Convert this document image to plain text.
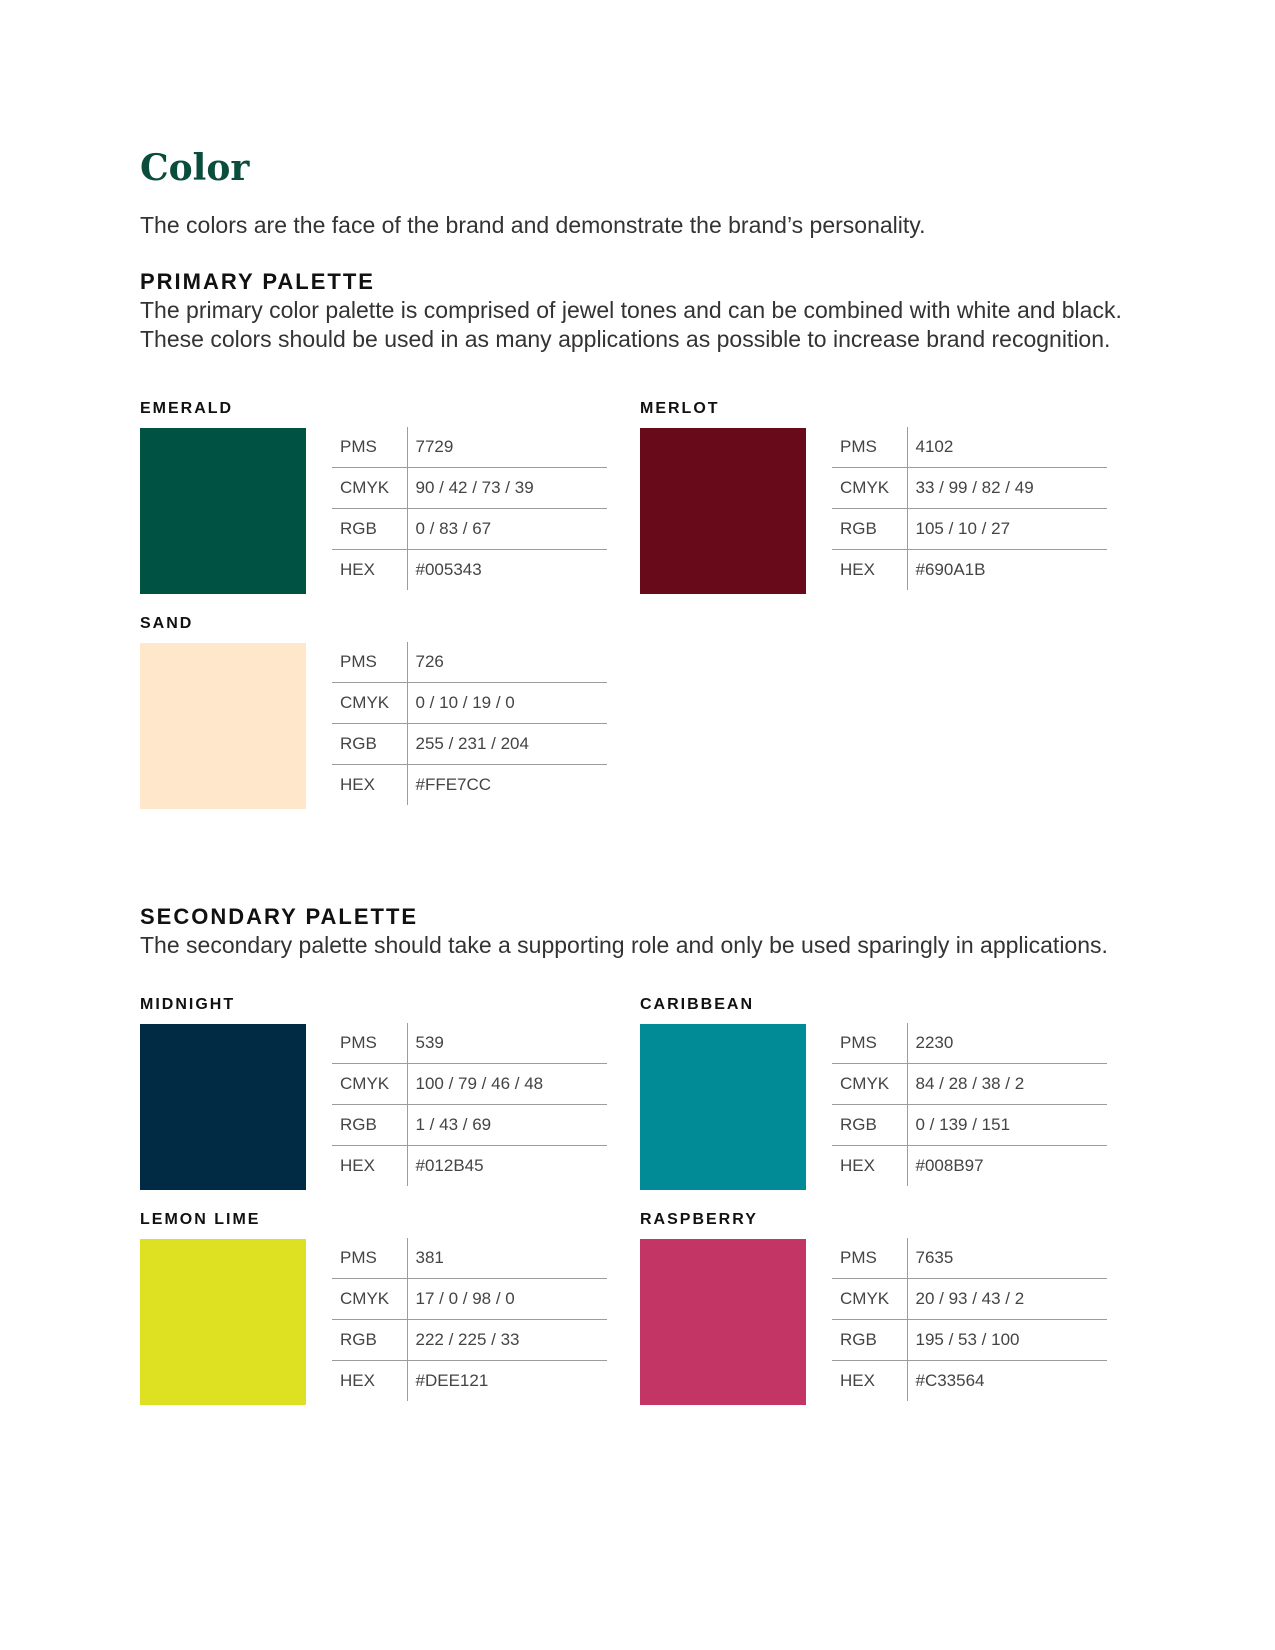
Color

The colors are the face of the brand and demonstrate the brand’s personality.

PRIMARY PALETTE

The primary color palette is comprised of jewel tones and can be combined with white and black.
These colors should be used in as many applications as possible to increase brand recognition.

EMERALD
PMS	7729
CMYK	90 / 42 / 73 / 39
RGB	0 / 83 / 67
HEX	#005343
MERLOT
PMS	4102
CMYK	33 / 99 / 82 / 49
RGB	105 / 10 / 27
HEX	#690A1B
SAND
PMS	726
CMYK	0 / 10 / 19 / 0
RGB	255 / 231 / 204
HEX	#FFE7CC
SECONDARY PALETTE

The secondary palette should take a supporting role and only be used sparingly in applications.

MIDNIGHT
PMS	539
CMYK	100 / 79 / 46 / 48
RGB	1 / 43 / 69
HEX	#012B45
CARIBBEAN
PMS	2230
CMYK	84 / 28 / 38 / 2
RGB	0 / 139 / 151
HEX	#008B97
LEMON LIME
PMS	381
CMYK	17 / 0 / 98 / 0
RGB	222 / 225 / 33
HEX	#DEE121
RASPBERRY
PMS	7635
CMYK	20 / 93 / 43 / 2
RGB	195 / 53 / 100
HEX	#C33564
